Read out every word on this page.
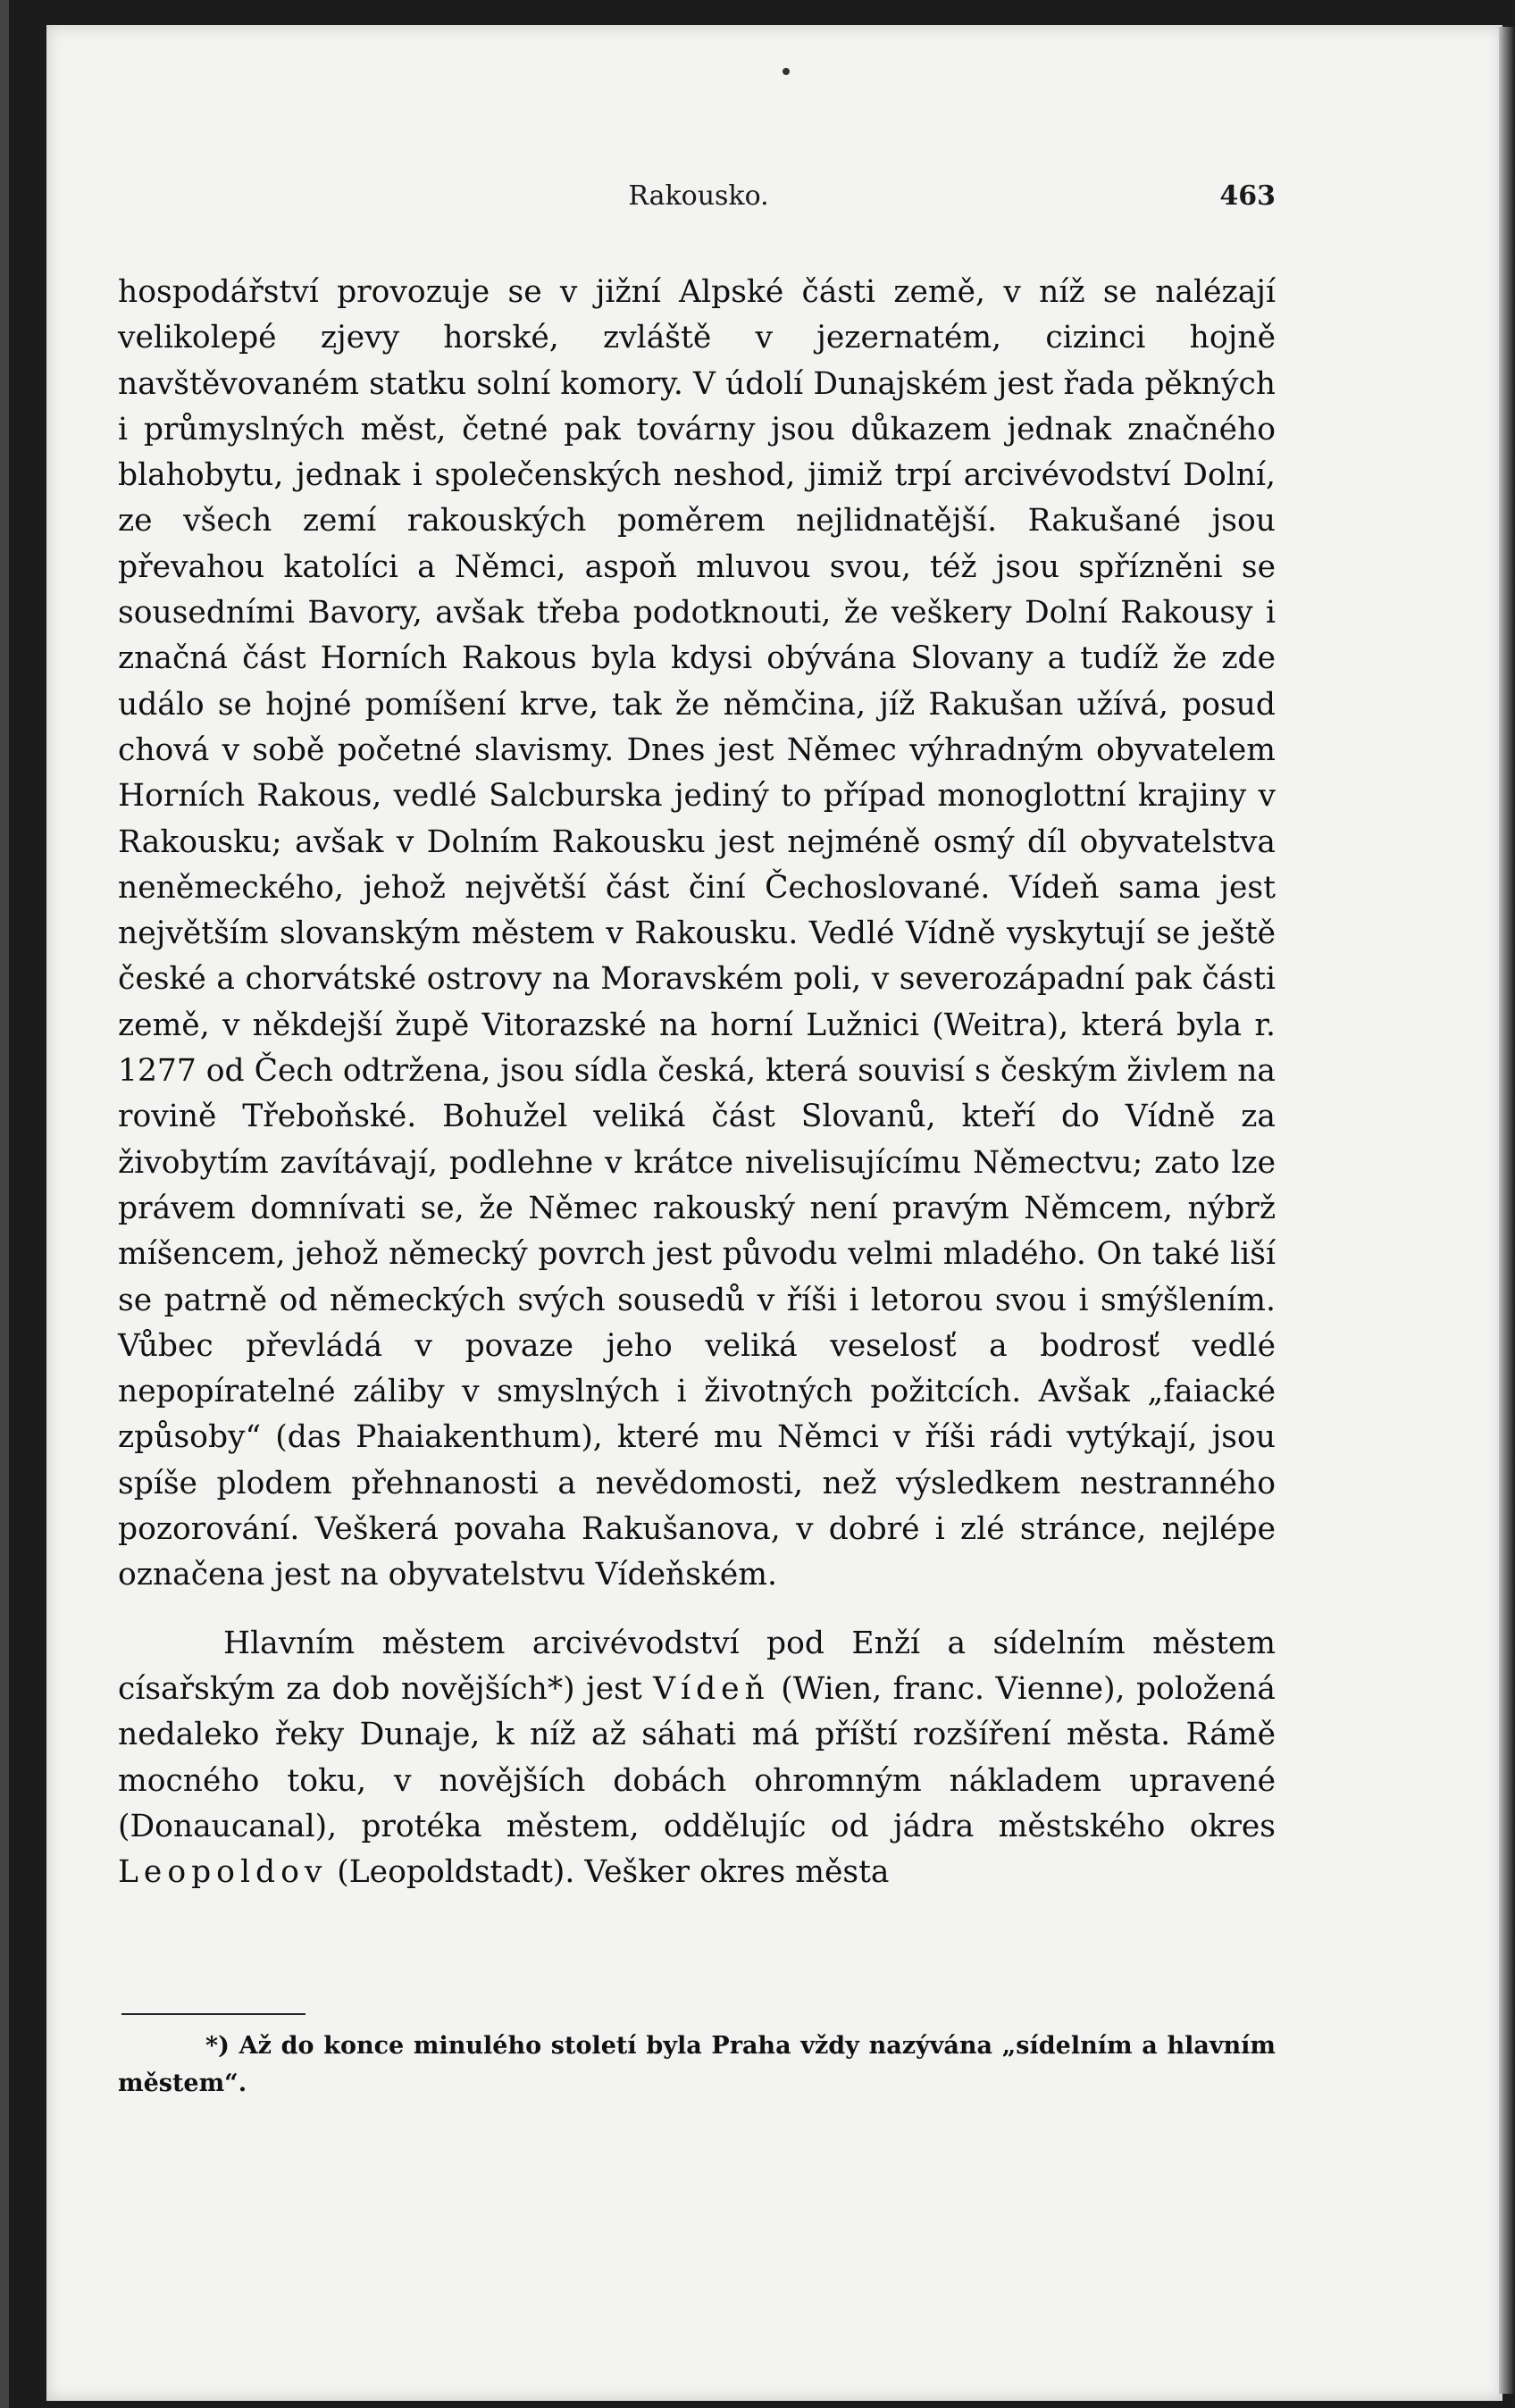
Rakousko.	463

hospodářství provozuje se v jižní Alpské části země, v níž se nalézají velikolepé zjevy horské, zvláště v jezernatém, cizinci hojně navštěvovaném statku solní komory. V údolí Dunajském jest řada pěkných i průmyslných měst, četné pak továrny jsou důkazem jednak značného blahobytu, jednak i společenských neshod, jimiž trpí arcivévodství Dolní, ze všech zemí rakouských poměrem nejlidnatější. Rakušané jsou převahou katolíci a Němci, aspoň mluvou svou, též jsou spřízněni se sousedními Bavory, avšak třeba podotknouti, že veškery Dolní Rakousy i značná část Horních Rakous byla kdysi obývána Slovany a tudíž že zde událo se hojné pomíšení krve, tak že němčina, jíž Rakušan užívá, posud chová v sobě početné slavismy. Dnes jest Němec výhradným obyvatelem Horních Rakous, vedlé Salcburska jediný to případ monoglottní krajiny v Rakousku; avšak v Dolním Rakousku jest nejméně osmý díl obyvatelstva neněmeckého, jehož největší část činí Čechoslované. Vídeň sama jest největším slovanským městem v Rakousku. Vedlé Vídně vyskytují se ještě české a chorvátské ostrovy na Moravském poli, v severozápadní pak části země, v někdejší župě Vitorazské na horní Lužnici (Weitra), která byla r. 1277 od Čech odtržena, jsou sídla česká, která souvisí s českým živlem na rovině Třeboňské. Bohužel veliká část Slovanů, kteří do Vídně za živobytím zavítávají, podlehne v krátce nivelisujícímu Němectvu; zato lze právem domnívati se, že Němec rakouský není pravým Němcem, nýbrž míšencem, jehož německý povrch jest původu velmi mladého. On také liší se patrně od německých svých sousedů v říši i letorou svou i smýšlením. Vůbec převládá v povaze jeho veliká veselosť a bodrosť vedlé nepopíratelné záliby v smyslných i životných požitcích. Avšak „faiacké způsoby“ (das Phaiakenthum), které mu Němci v říši rádi vytýkají, jsou spíše plodem přehnanosti a nevědomosti, než výsledkem nestranného pozorování. Veškerá povaha Rakušanova, v dobré i zlé stránce, nejlépe označena jest na obyvatelstvu Vídeňském.

Hlavním městem arcivévodství pod Enží a sídelním městem císařským za dob novějších*) jest Vídeň (Wien, franc. Vienne), položená nedaleko řeky Dunaje, k níž až sáhati má příští rozšíření města. Rámě mocného toku, v novějších dobách ohromným nákladem upravené (Donaucanal), protéka městem, oddělujíc od jádra městského okres Leopoldov (Leopoldstadt). Vešker okres města

*) Až do konce minulého století byla Praha vždy nazývána „sídelním a hlavním městem“.
